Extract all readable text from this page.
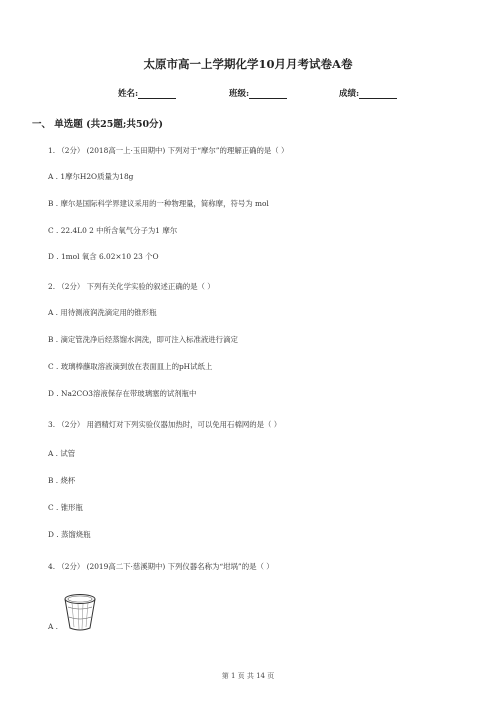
太原市高一上学期化学10月月考试卷A卷
姓名:	班级:	成绩:
一、 单选题 (共25题;共50分)
1. （2分） (2018高一上·玉田期中) 下列对于“摩尔”的理解正确的是（ ）
A . 1摩尔H2O质量为18g
B . 摩尔是国际科学界建议采用的一种物理量，简称摩，符号为 mol
C . 22.4L0 2 中所含氧气分子为1 摩尔
D . 1mol 氧含 6.02×10 23 个O
2. （2分） 下列有关化学实验的叙述正确的是（ ）
A . 用待测液润洗滴定用的锥形瓶
B . 滴定管洗净后经蒸馏水润洗，即可注入标准液进行滴定
C . 玻璃棒蘸取溶液滴到放在表面皿上的pH试纸上
D . Na2CO3溶液保存在带玻璃塞的试剂瓶中
3. （2分） 用酒精灯对下列实验仪器加热时，可以免用石棉网的是（ ）
A . 试管
B . 烧杯
C . 锥形瓶
D . 蒸馏烧瓶
4. （2分） (2019高二下·慈溪期中) 下列仪器名称为“坩埚”的是（ ）
A .
第 1 页 共 14 页
